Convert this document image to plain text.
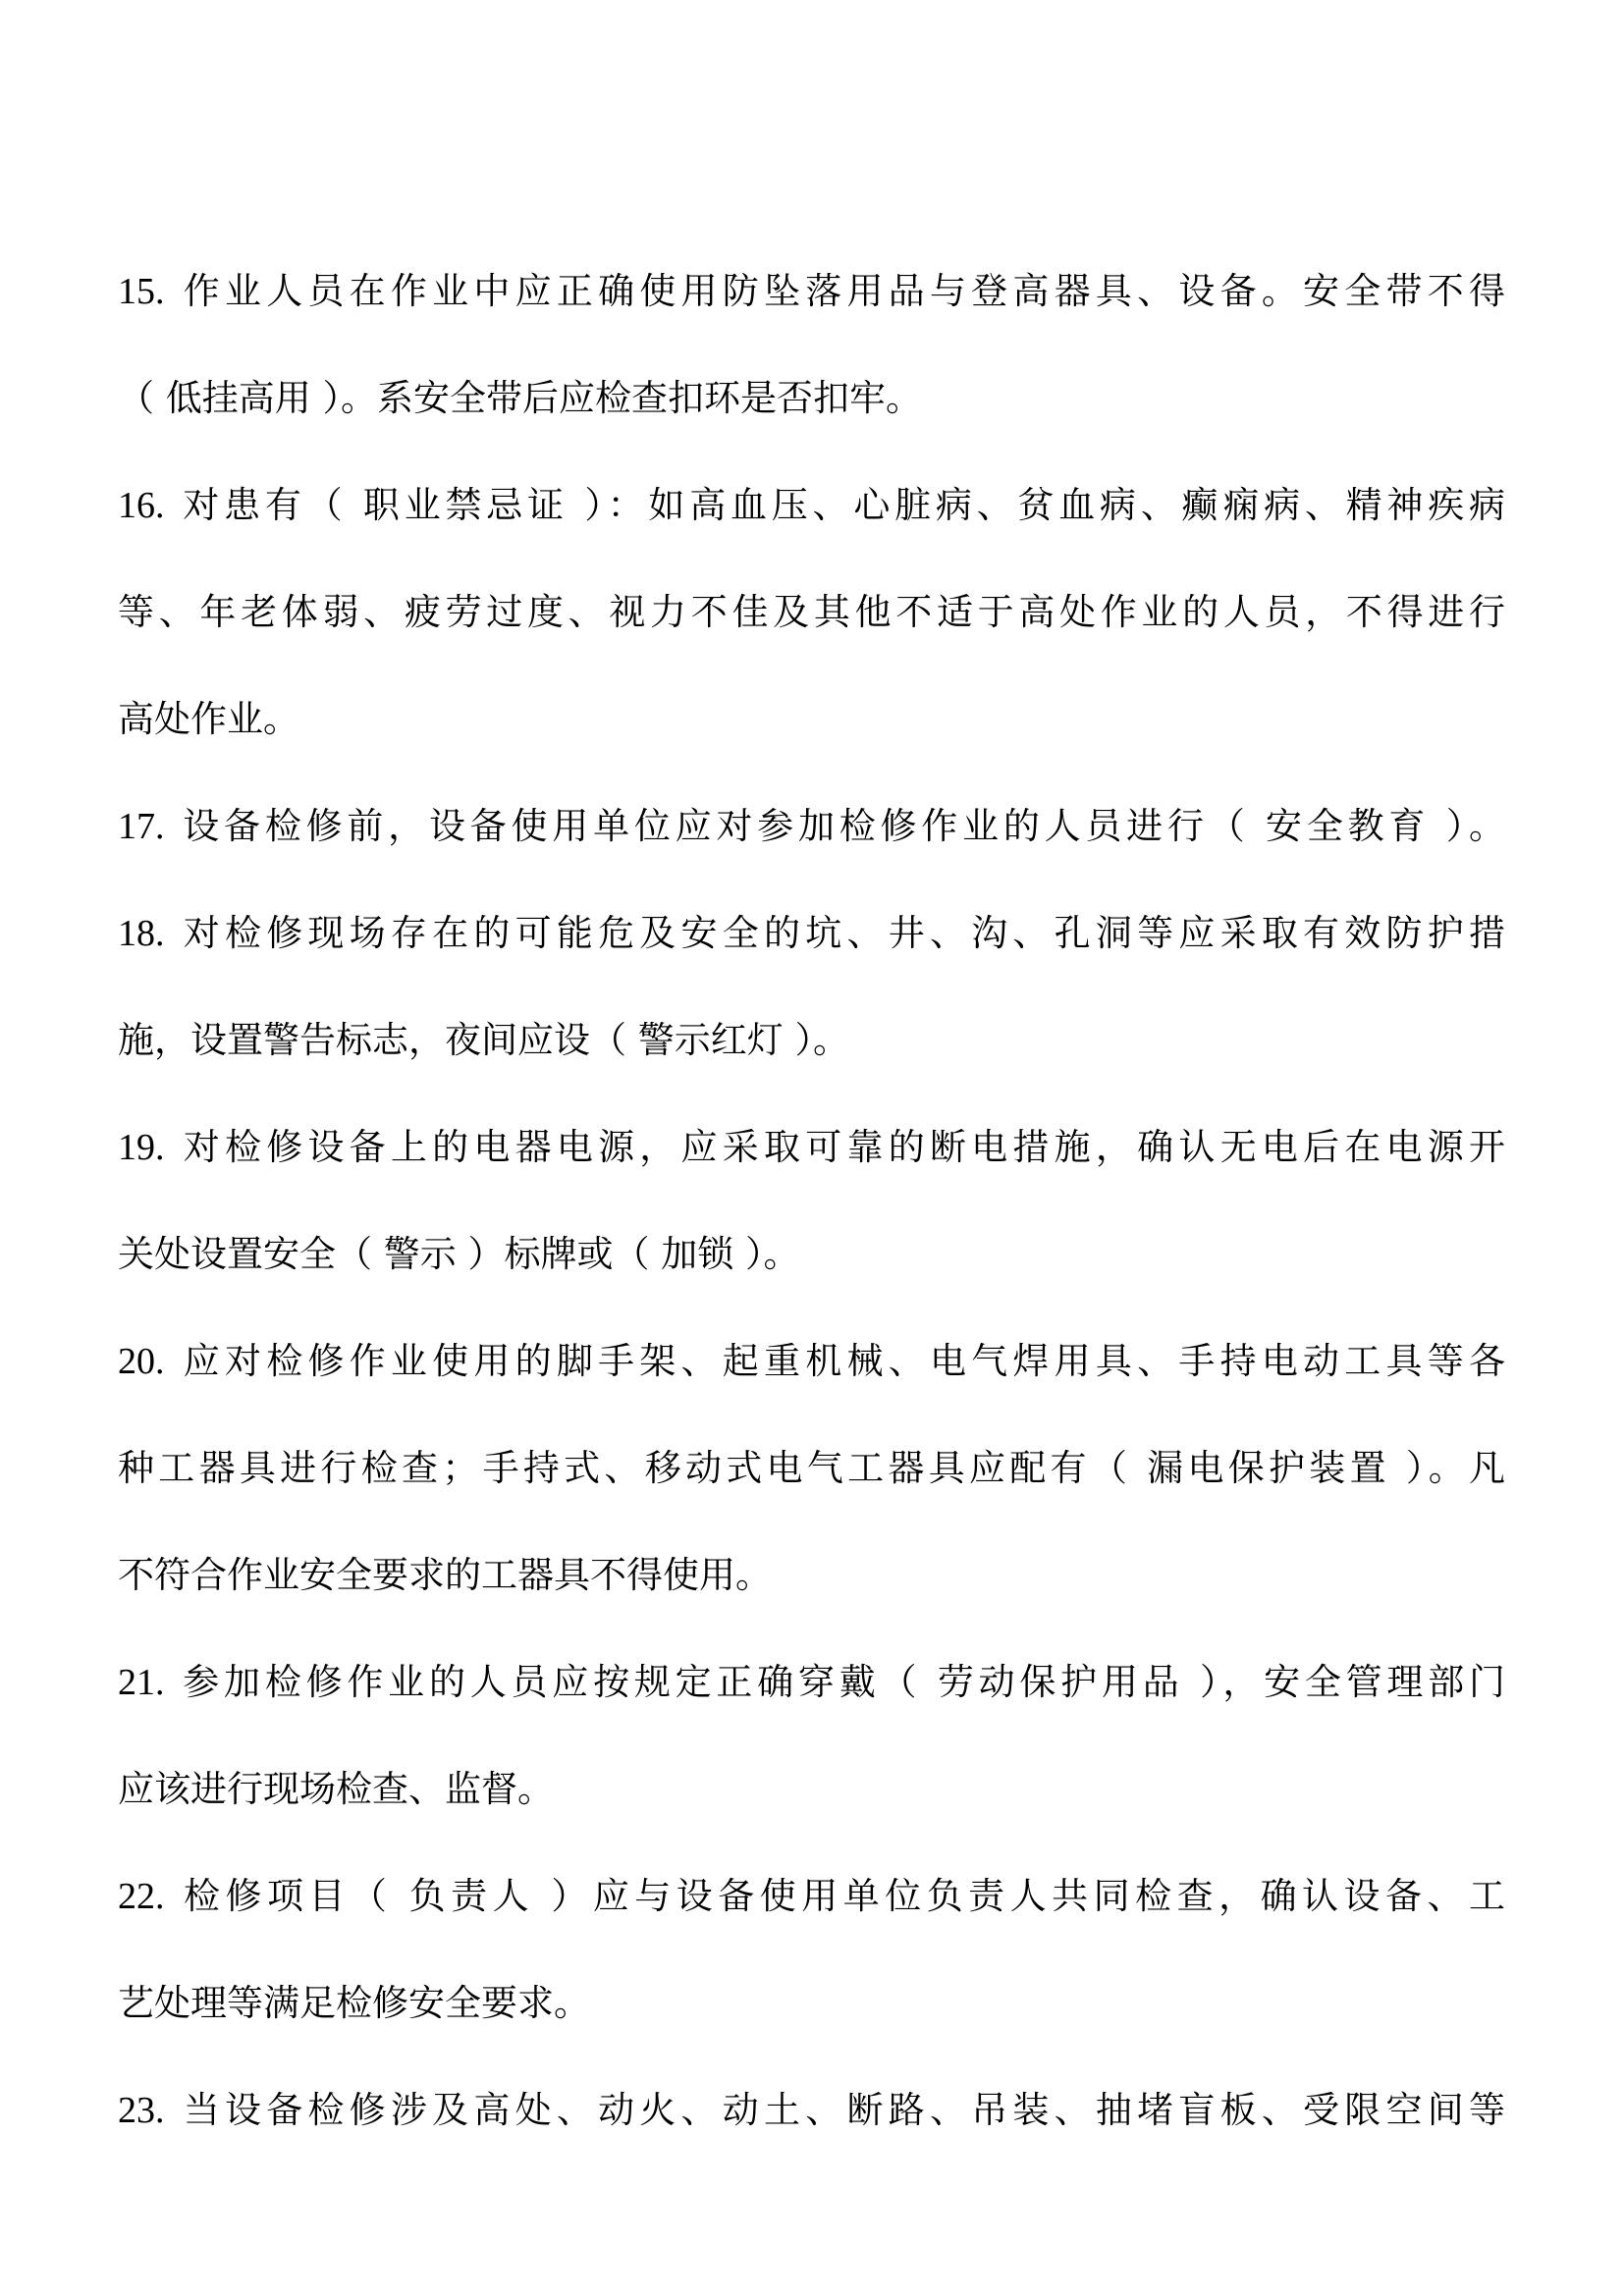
15. 作业人员在作业中应正确使用防坠落用品与登高器具、设备。安全带不得
（ 低挂高用 ）。系安全带后应检查扣环是否扣牢。
16. 对患有（ 职业禁忌证 ）：如高血压、心脏病、贫血病、癫痫病、精神疾病
等、年老体弱、疲劳过度、视力不佳及其他不适于高处作业的人员，不得进行
高处作业。
17. 设备检修前，设备使用单位应对参加检修作业的人员进行（ 安全教育 ）。
18. 对检修现场存在的可能危及安全的坑、井、沟、孔洞等应采取有效防护措
施，设置警告标志，夜间应设（ 警示红灯 ）。
19. 对检修设备上的电器电源，应采取可靠的断电措施，确认无电后在电源开
关处设置安全（ 警示 ）标牌或（ 加锁 ）。
20. 应对检修作业使用的脚手架、起重机械、电气焊用具、手持电动工具等各
种工器具进行检查；手持式、移动式电气工器具应配有（ 漏电保护装置 ）。凡
不符合作业安全要求的工器具不得使用。
21. 参加检修作业的人员应按规定正确穿戴（ 劳动保护用品 ），安全管理部门
应该进行现场检查、监督。
22. 检修项目（ 负责人 ）应与设备使用单位负责人共同检查，确认设备、工
艺处理等满足检修安全要求。
23. 当设备检修涉及高处、动火、动土、断路、吊装、抽堵盲板、受限空间等
